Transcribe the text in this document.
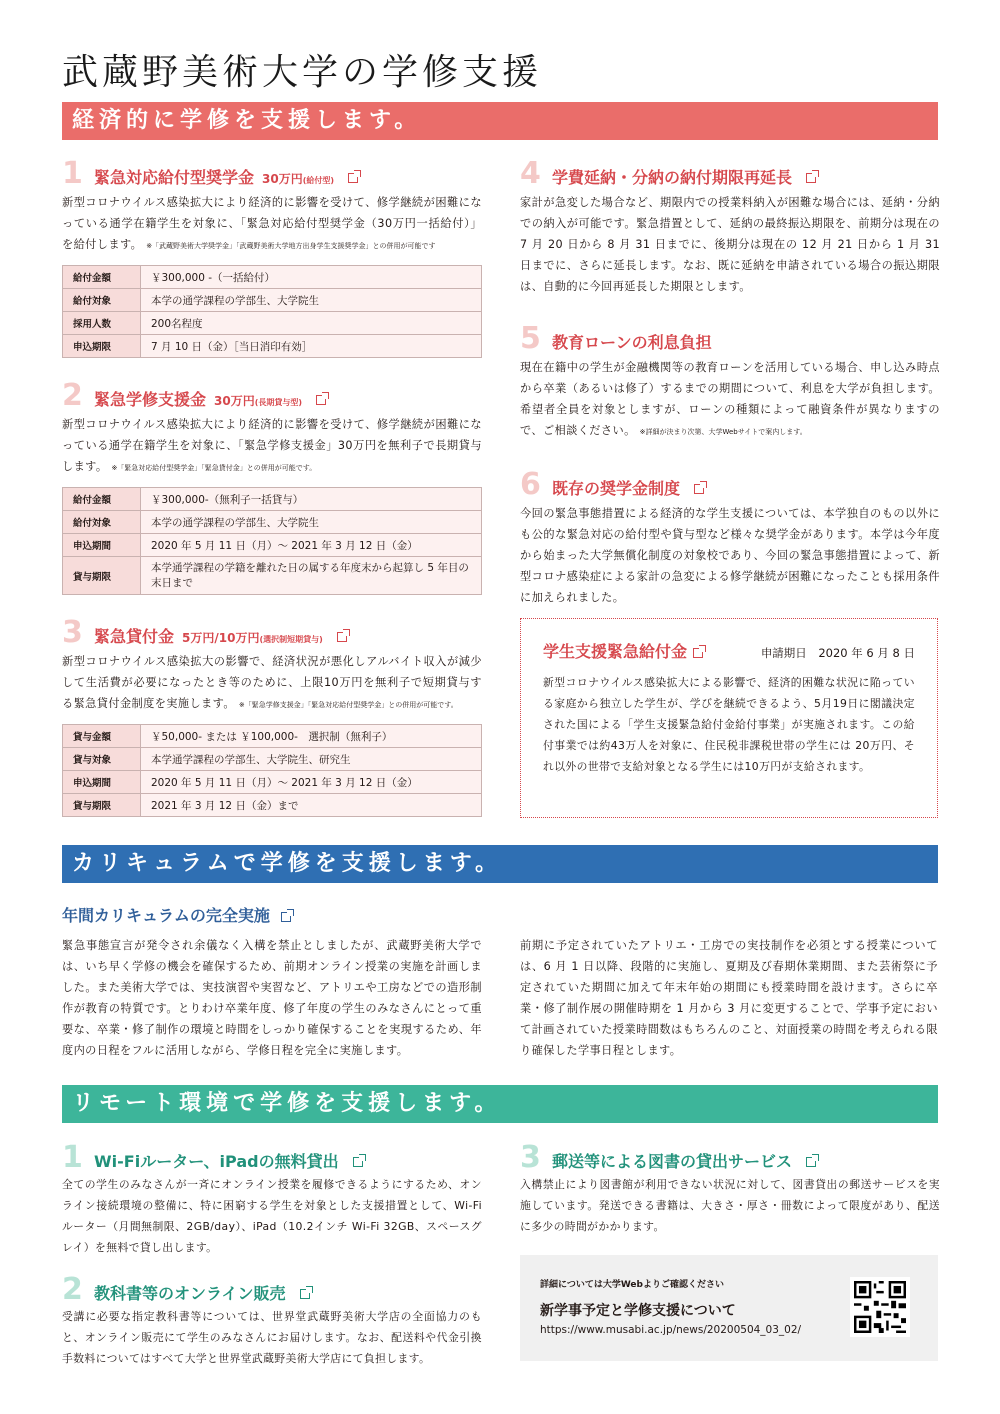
武蔵野美術大学の学修支援
経済的に学修を支援します。
1 緊急対応給付型奨学金 30万円(給付型)

新型コロナウイルス感染拡大により経済的に影響を受けて、修学継続が困難になっている通学在籍学生を対象に、「緊急対応給付型奨学金（30万円一括給付）」を給付します。 ※「武蔵野美術大学奨学金」「武蔵野美術大学地方出身学生支援奨学金」との併用が可能です

給付金額	￥300,000 -（一括給付）
給付対象	本学の通学課程の学部生、大学院生
採用人数	200名程度
申込期限	7 月 10 日（金）［当日消印有効］
2 緊急学修支援金 30万円(長期貸与型)

新型コロナウイルス感染拡大により経済的に影響を受けて、修学継続が困難になっている通学在籍学生を対象に、「緊急学修支援金」30万円を無利子で長期貸与します。 ※「緊急対応給付型奨学金」「緊急貸付金」との併用が可能です。

給付金額	￥300,000-（無利子一括貸与）
給付対象	本学の通学課程の学部生、大学院生
申込期間	2020 年 5 月 11 日（月）～ 2021 年 3 月 12 日（金）
貸与期限	本学通学課程の学籍を離れた日の属する年度末から起算し 5 年目の末日まで
3 緊急貸付金 5万円/10万円(選択制短期貸与)

新型コロナウイルス感染拡大の影響で、経済状況が悪化しアルバイト収入が減少して生活費が必要になったとき等のために、上限10万円を無利子で短期貸与する緊急貸付金制度を実施します。 ※「緊急学修支援金」「緊急対応給付型奨学金」との併用が可能です。

貸与金額	￥50,000- または ￥100,000-　選択制（無利子）
貸与対象	本学通学課程の学部生、大学院生、研究生
申込期間	2020 年 5 月 11 日（月）～ 2021 年 3 月 12 日（金）
貸与期限	2021 年 3 月 12 日（金）まで
4 学費延納・分納の納付期限再延長

家計が急変した場合など、期限内での授業料納入が困難な場合には、延納・分納での納入が可能です。緊急措置として、延納の最終振込期限を、前期分は現在の 7 月 20 日から 8 月 31 日までに、後期分は現在の 12 月 21 日から 1 月 31 日までに、さらに延長します。なお、既に延納を申請されている場合の振込期限は、自動的に今回再延長した期限とします。

5 教育ローンの利息負担

現在在籍中の学生が金融機関等の教育ローンを活用している場合、申し込み時点から卒業（あるいは修了）するまでの期間について、利息を大学が負担します。希望者全員を対象としますが、ローンの種類によって融資条件が異なりますので、ご相談ください。 ※詳細が決まり次第、大学Webサイトで案内します。

6 既存の奨学金制度

今回の緊急事態措置による経済的な学生支援については、本学独自のもの以外にも公的な緊急対応の給付型や貸与型など様々な奨学金があります。本学は今年度から始まった大学無償化制度の対象校であり、今回の緊急事態措置によって、新型コロナ感染症による家計の急変による修学継続が困難になったことも採用条件に加えられました。

学生支援緊急給付金	申請期日　 2020 年 6 月 8 日

新型コロナウイルス感染拡大による影響で、経済的困難な状況に陥っている家庭から独立した学生が、学びを継続できるよう、5月19日に閣議決定された国による「学生支援緊急給付金給付事業」が実施されます。この給付事業では約43万人を対象に、住民税非課税世帯の学生には 20万円、それ以外の世帯で支給対象となる学生には10万円が支給されます。

カリキュラムで学修を支援します。
年間カリキュラムの完全実施

緊急事態宣言が発令され余儀なく入構を禁止としましたが、武蔵野美術大学では、いち早く学修の機会を確保するため、前期オンライン授業の実施を計画しました。また美術大学では、実技演習や実習など、アトリエや工房などでの造形制作が教育の特質です。とりわけ卒業年度、修了年度の学生のみなさんにとって重要な、卒業・修了制作の環境と時間をしっかり確保することを実現するため、年度内の日程をフルに活用しながら、学修日程を完全に実施します。

前期に予定されていたアトリエ・工房での実技制作を必須とする授業については、6 月 1 日以降、段階的に実施し、夏期及び春期休業期間、また芸術祭に予定されていた期間に加えて年末年始の期間にも授業時間を設けます。さらに卒業・修了制作展の開催時期を 1 月から 3 月に変更することで、学事予定において計画されていた授業時間数はもちろんのこと、対面授業の時間を考えられる限り確保した学事日程とします。

リモート環境で学修を支援します。
1 Wi-Fiルーター、iPadの無料貸出

全ての学生のみなさんが一斉にオンライン授業を履修できるようにするため、オンライン接続環境の整備に、特に困窮する学生を対象とした支援措置として、Wi-Fi ルーター（月間無制限、2GB/day）、iPad（10.2インチ Wi-Fi 32GB、スペースグレイ）を無料で貸し出します。

2 教科書等のオンライン販売

受講に必要な指定教科書等については、世界堂武蔵野美術大学店の全面協力のもと、オンライン販売にて学生のみなさんにお届けします。なお、配送料や代金引換手数料についてはすべて大学と世界堂武蔵野美術大学店にて負担します。

3 郵送等による図書の貸出サービス

入構禁止により図書館が利用できない状況に対して、図書貸出の郵送サービスを実施しています。発送できる書籍は、大きさ・厚さ・冊数によって限度があり、配送に多少の時間がかかります。

詳細については大学Webよりご確認ください
新学事予定と学修支援について
https://www.musabi.ac.jp/news/20200504_03_02/
